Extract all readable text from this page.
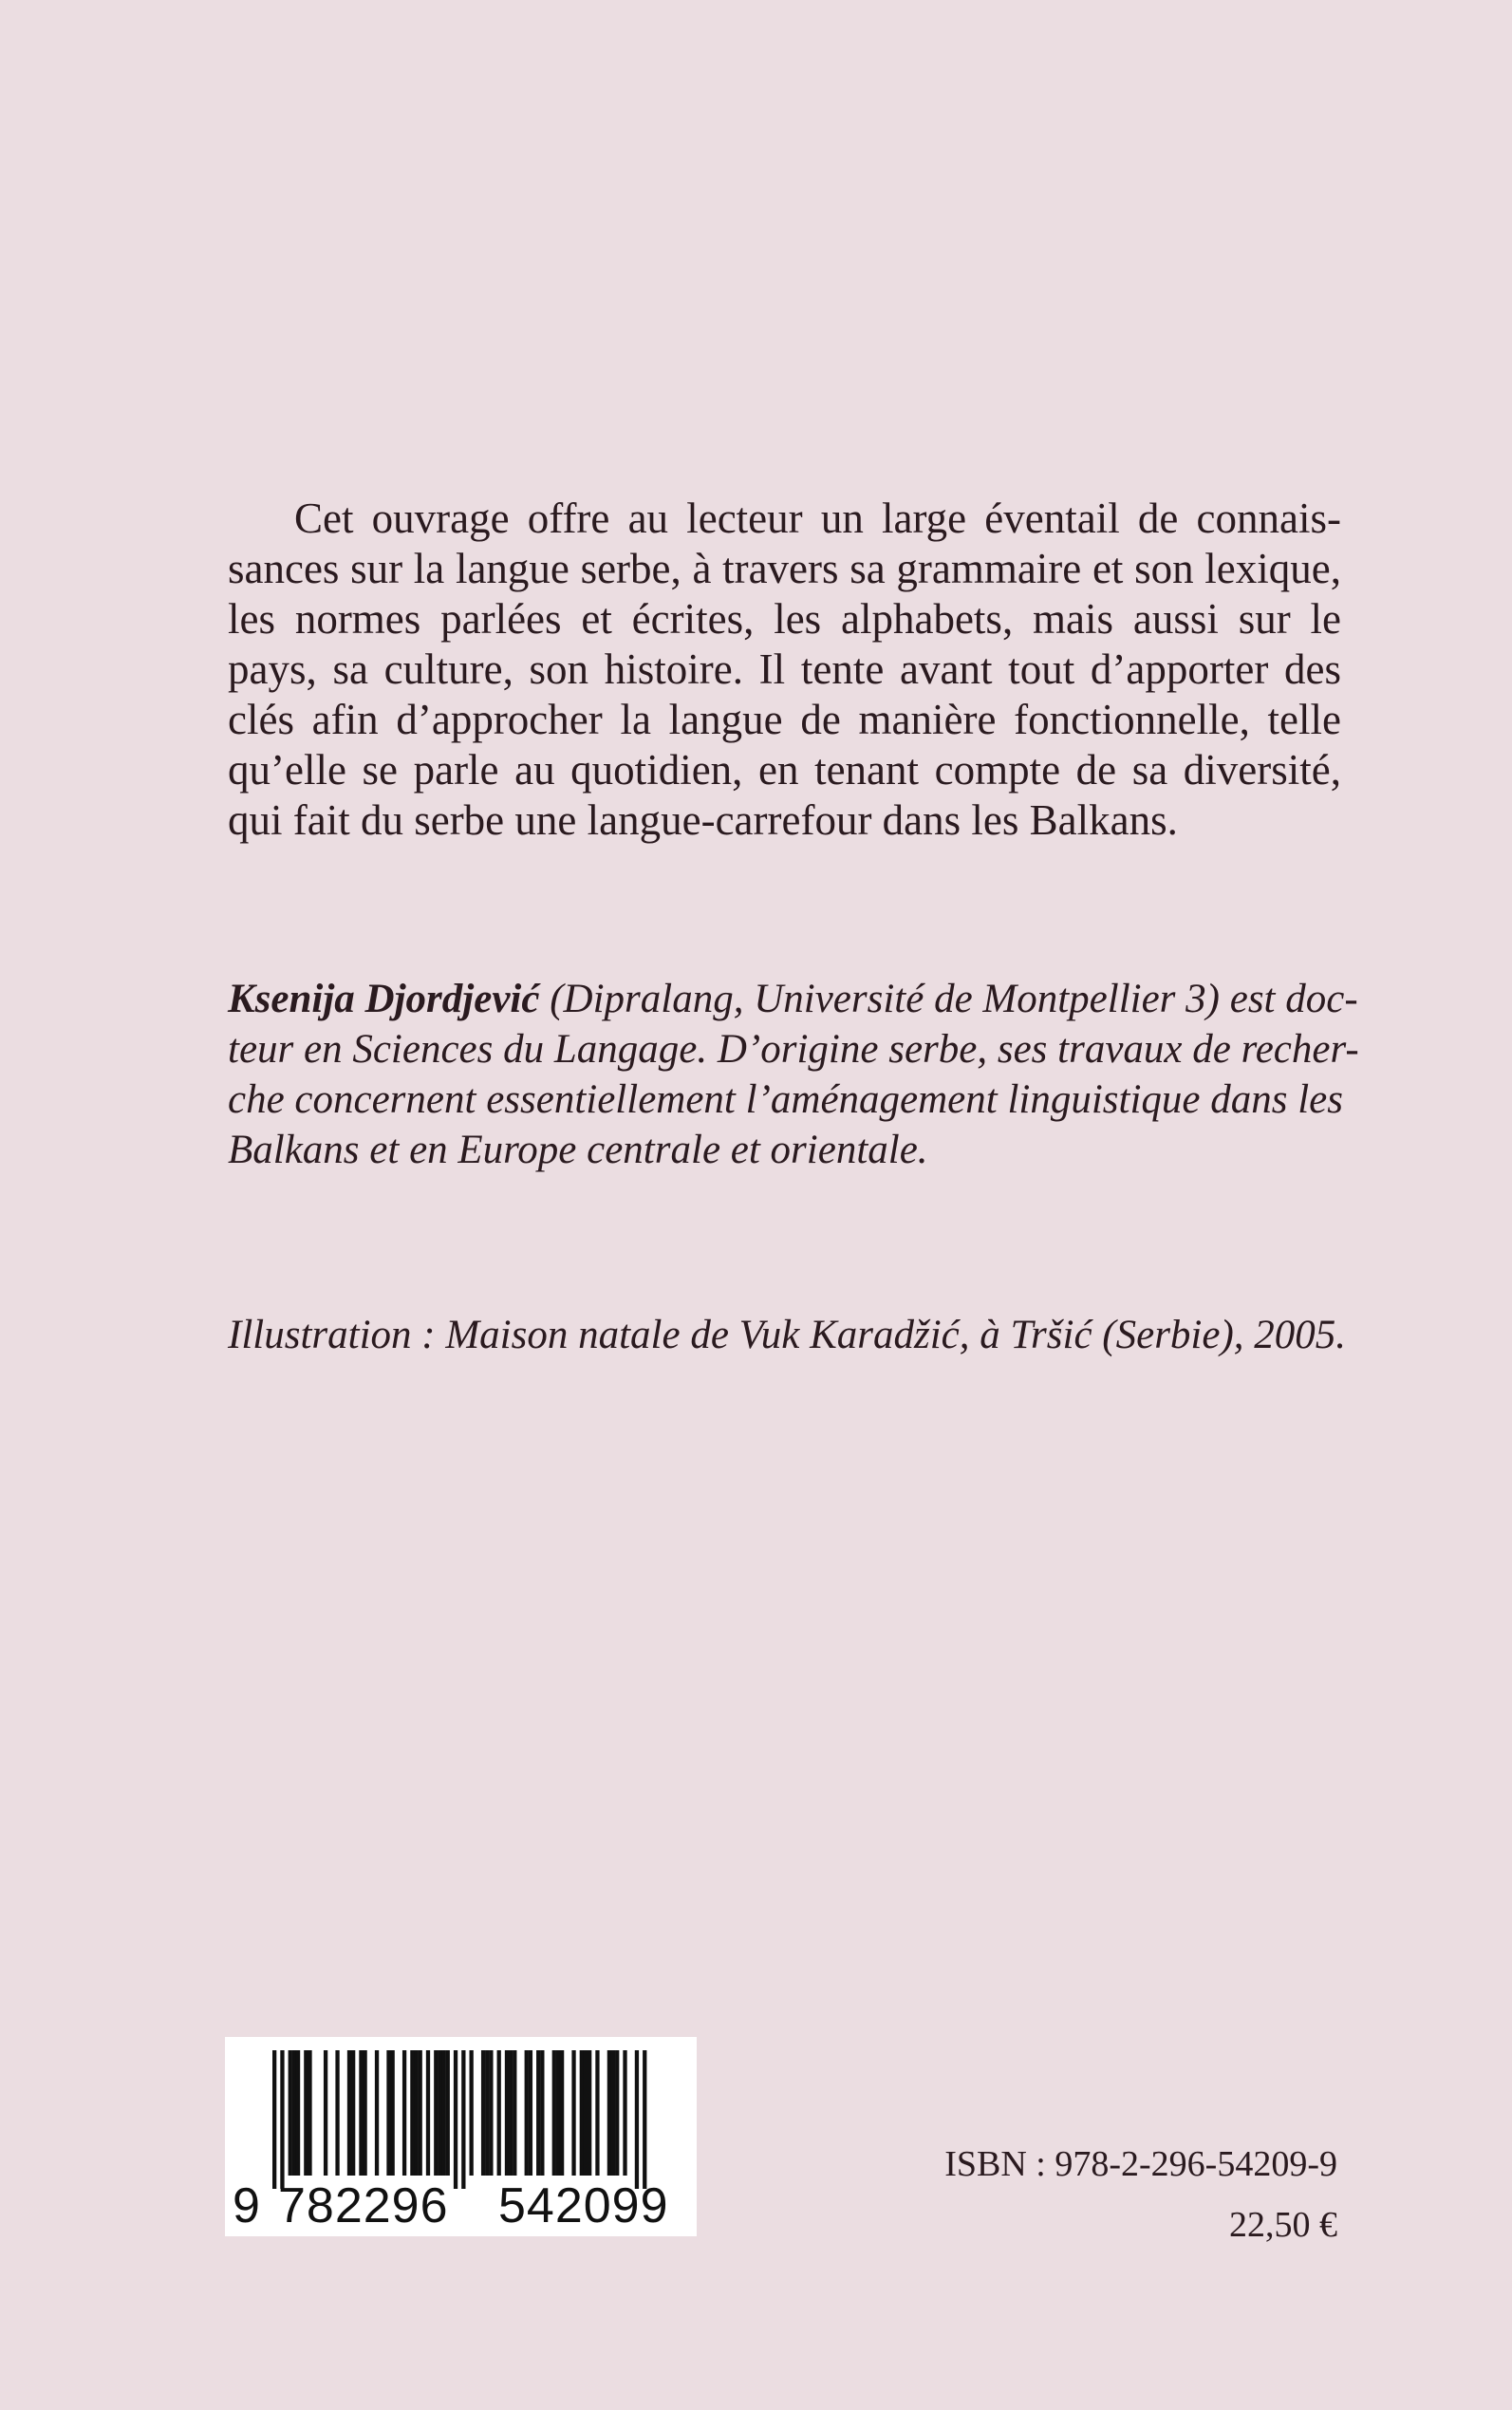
Cet ouvrage offre au lecteur un large éventail de connais-
sances sur la langue serbe, à travers sa grammaire et son lexique,
les normes parlées et écrites, les alphabets, mais aussi sur le
pays, sa culture, son histoire. Il tente avant tout d’apporter des
clés afin d’approcher la langue de manière fonctionnelle, telle
qu’elle se parle au quotidien, en tenant compte de sa diversité,
qui fait du serbe une langue-carrefour dans les Balkans.
Ksenija Djordjević (Dipralang, Université de Montpellier 3) est doc-
teur en Sciences du Langage. D’origine serbe, ses travaux de recher-
che concernent essentiellement l’aménagement linguistique dans les
Balkans et en Europe centrale et orientale.

Illustration : Maison natale de Vuk Karadžić, à Tršić (Serbie), 2005.

9 782296 542099

ISBN : 978-2-296-54209-9

22,50 €
